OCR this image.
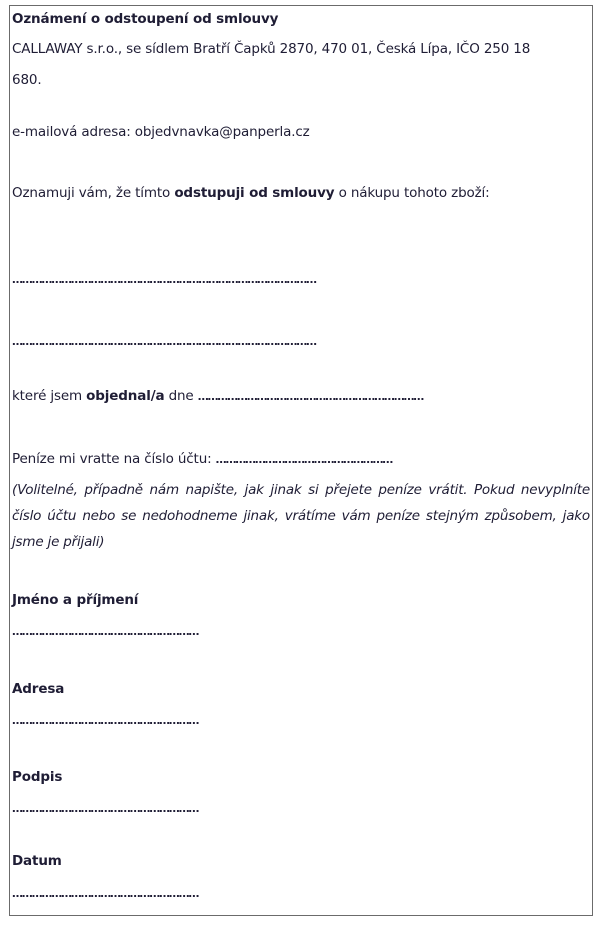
Oznámení o odstoupení od smlouvy
CALLAWAY s.r.o., se sídlem Bratří Čapků 2870, 470 01, Česká Lípa, IČO 250 18
680.
e-mailová adresa: objedvnavka@panperla.cz
Oznamuji vám, že tímto odstupuji od smlouvy o nákupu tohoto zboží:
…………………………………………………………………………………
…………………………………………………………………………………
které jsem objednal/a dne ……………………………………………………………
Peníze mi vratte na číslo účtu: ………………………………………………
(Volitelné, případně nám napište, jak jinak si přejete peníze vrátit. Pokud nevyplníte číslo účtu nebo se nedohodneme jinak, vrátíme vám peníze stejným způsobem, jako jsme je přijali)
Jméno a příjmení
…………………………………………………
Adresa
…………………………………………………
Podpis
…………………………………………………
Datum
…………………………………………………
